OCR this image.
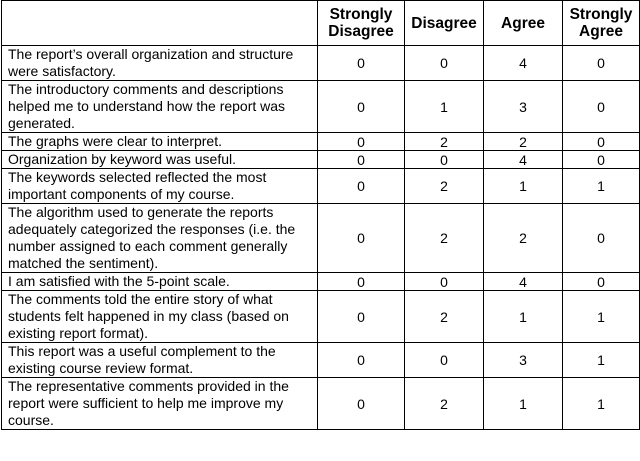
	Strongly Disagree	Disagree	Agree	Strongly Agree
The report’s overall organization and structure
were satisfactory.	0	0	4	0
The introductory comments and descriptions helped me to understand how the report was generated.	0	1	3	0
The graphs were clear to interpret.	0	2	2	0
Organization by keyword was useful.	0	0	4	0
The keywords selected reflected the most important components of my course.	0	2	1	1
The algorithm used to generate the reports adequately categorized the responses (i.e. the number assigned to each comment generally matched the sentiment).	0	2	2	0
I am satisfied with the 5-point scale.	0	0	4	0
The comments told the entire story of what students felt happened in my class (based on existing report format).	0	2	1	1
This report was a useful complement to the existing course review format.	0	0	3	1
The representative comments provided in the report were sufficient to help me improve my course.	0	2	1	1
